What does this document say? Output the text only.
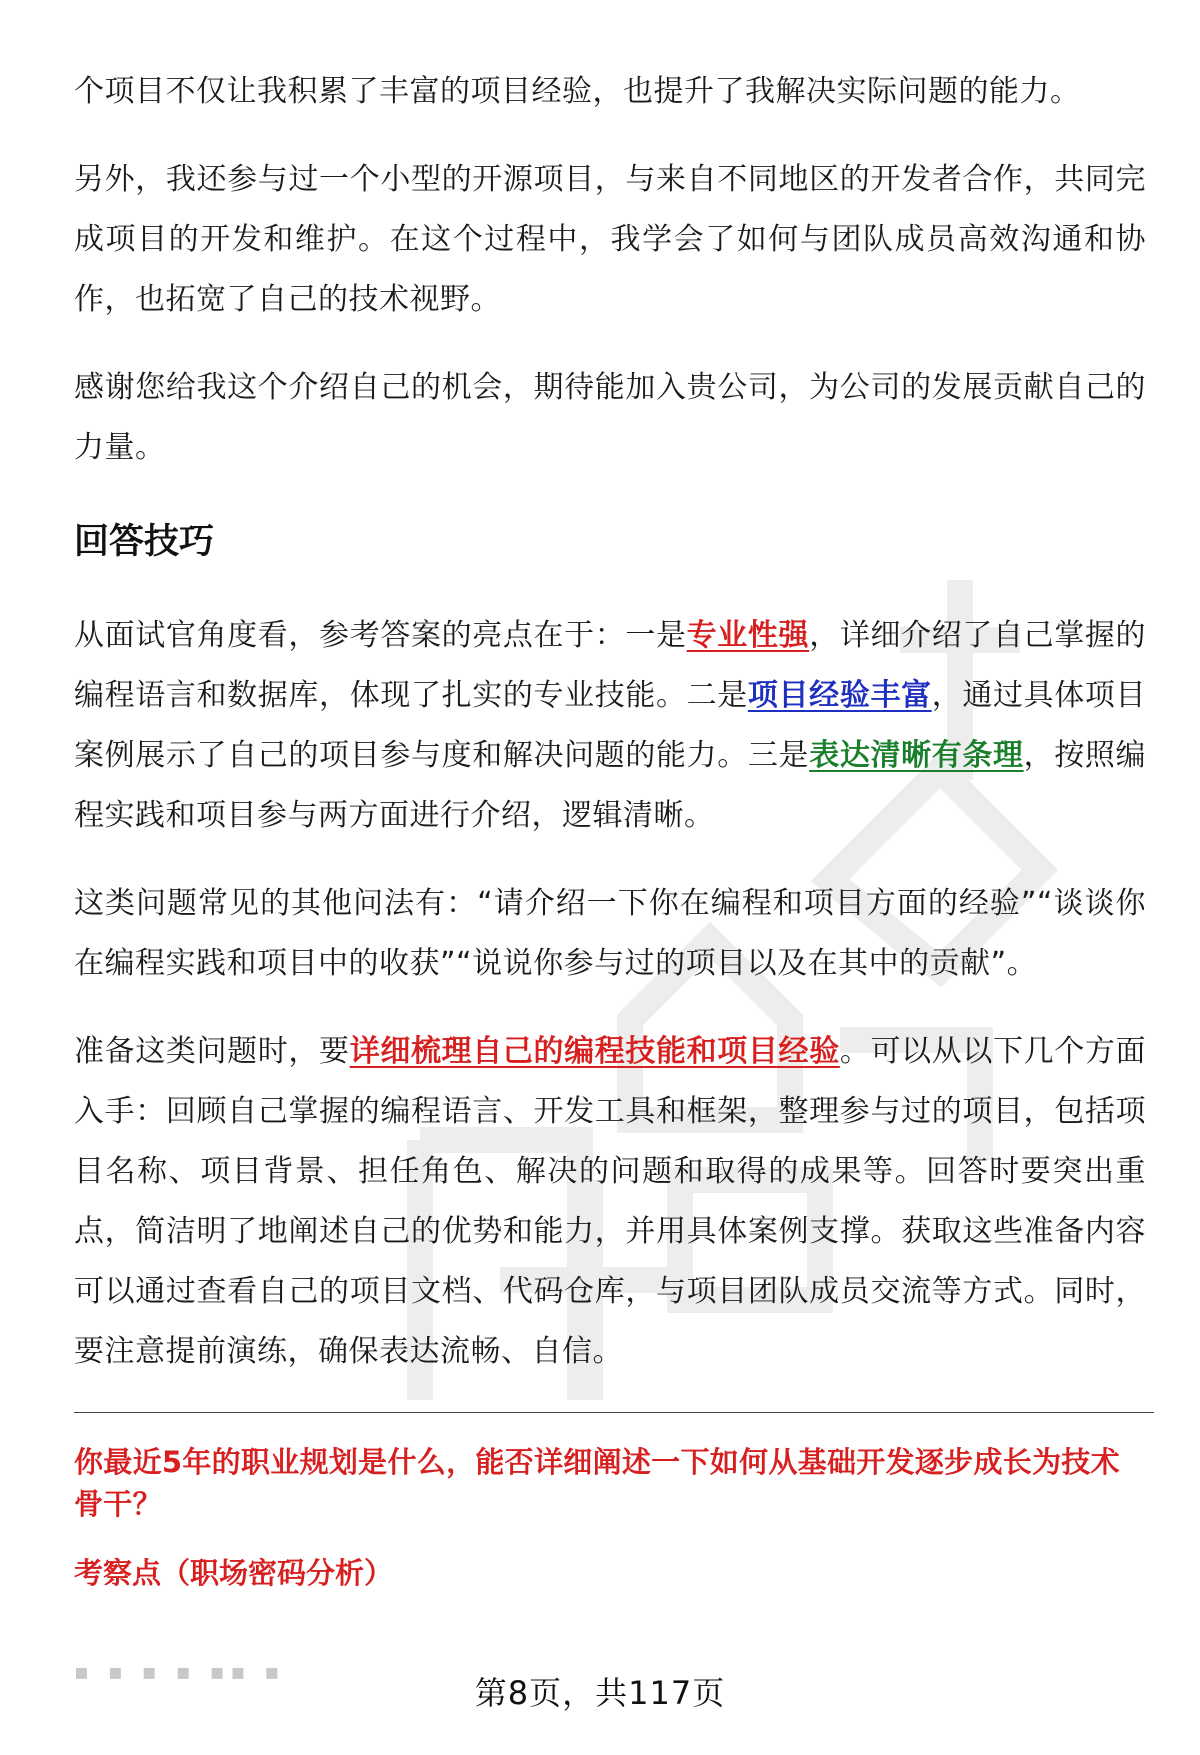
个项目不仅让我积累了丰富的项目经验，也提升了我解决实际问题的能力。

另外，我还参与过一个小型的开源项目，与来自不同地区的开发者合作，共同完成项目的开发和维护。在这个过程中，我学会了如何与团队成员高效沟通和协作，也拓宽了自己的技术视野。

感谢您给我这个介绍自己的机会，期待能加入贵公司，为公司的发展贡献自己的力量。

回答技巧

从面试官角度看，参考答案的亮点在于：一是专业性强，详细介绍了自己掌握的编程语言和数据库，体现了扎实的专业技能。二是项目经验丰富，通过具体项目案例展示了自己的项目参与度和解决问题的能力。三是表达清晰有条理，按照编程实践和项目参与两方面进行介绍，逻辑清晰。

这类问题常见的其他问法有：“请介绍一下你在编程和项目方面的经验”“谈谈你在编程实践和项目中的收获”“说说你参与过的项目以及在其中的贡献”。

准备这类问题时，要详细梳理自己的编程技能和项目经验。可以从以下几个方面入手：回顾自己掌握的编程语言、开发工具和框架，整理参与过的项目，包括项目名称、项目背景、担任角色、解决的问题和取得的成果等。回答时要突出重点，简洁明了地阐述自己的优势和能力，并用具体案例支撑。获取这些准备内容可以通过查看自己的项目文档、代码仓库，与项目团队成员交流等方式。同时，要注意提前演练，确保表达流畅、自信。

你最近5年的职业规划是什么，能否详细阐述一下如何从基础开发逐步成长为技术骨干？

考察点（职场密码分析）

▪ ▪ ▪ ▪ ▪▪ ▪
第8页，共117页
